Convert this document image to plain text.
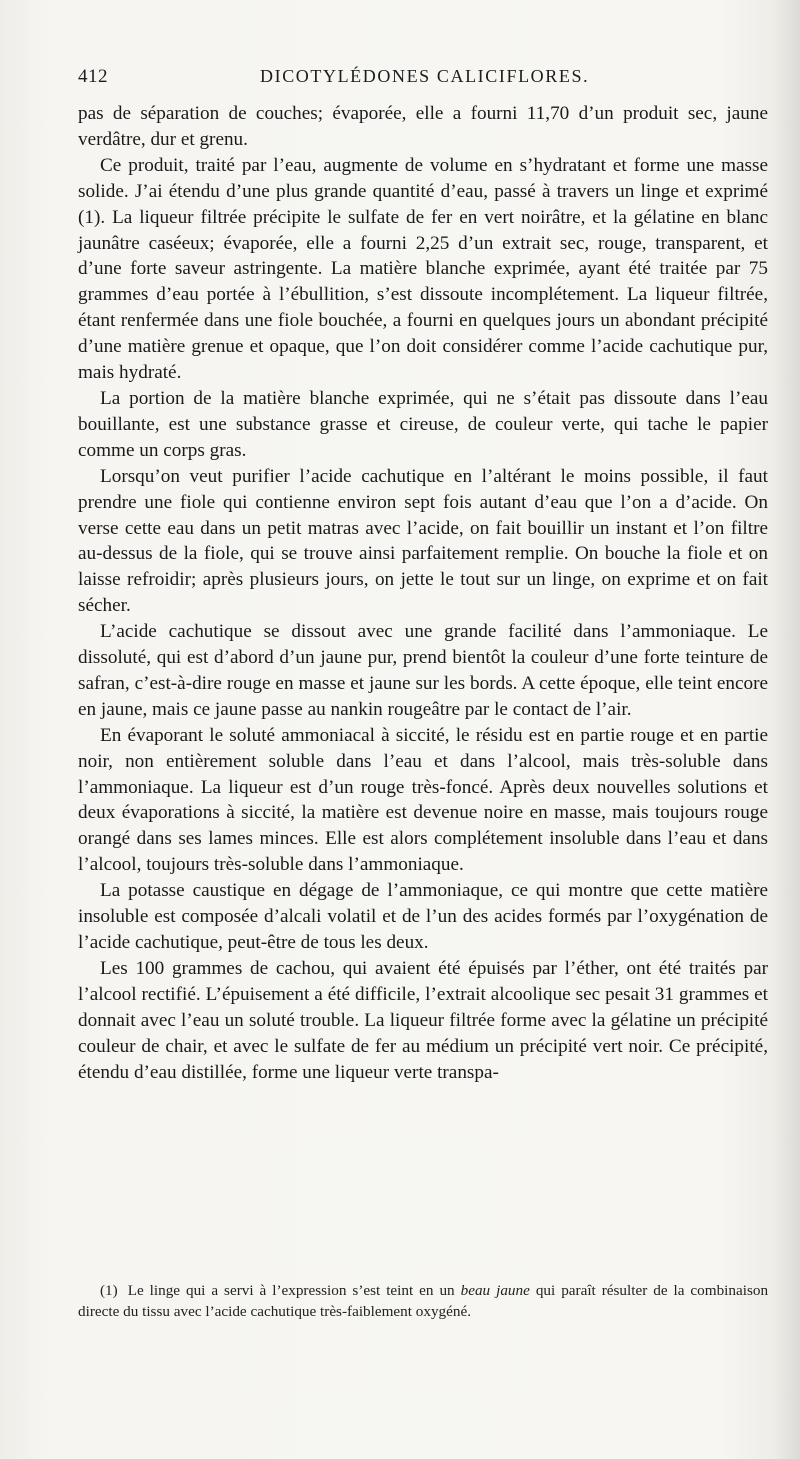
412	DICOTYLÉDONES CALICIFLORES.

pas de séparation de couches; évaporée, elle a fourni 11,70 d’un produit sec, jaune verdâtre, dur et grenu.

Ce produit, traité par l’eau, augmente de volume en s’hydratant et forme une masse solide. J’ai étendu d’une plus grande quantité d’eau, passé à travers un linge et exprimé (1). La liqueur filtrée précipite le sulfate de fer en vert noirâtre, et la gélatine en blanc jaunâtre caséeux; évaporée, elle a fourni 2,25 d’un extrait sec, rouge, transparent, et d’une forte saveur astringente. La matière blanche exprimée, ayant été traitée par 75 grammes d’eau portée à l’ébullition, s’est dissoute incomplétement. La liqueur filtrée, étant renfermée dans une fiole bouchée, a fourni en quelques jours un abondant précipité d’une matière grenue et opaque, que l’on doit considérer comme l’acide cachutique pur, mais hydraté.

La portion de la matière blanche exprimée, qui ne s’était pas dissoute dans l’eau bouillante, est une substance grasse et cireuse, de couleur verte, qui tache le papier comme un corps gras.

Lorsqu’on veut purifier l’acide cachutique en l’altérant le moins possible, il faut prendre une fiole qui contienne environ sept fois autant d’eau que l’on a d’acide. On verse cette eau dans un petit matras avec l’acide, on fait bouillir un instant et l’on filtre au-dessus de la fiole, qui se trouve ainsi parfaitement remplie. On bouche la fiole et on laisse refroidir; après plusieurs jours, on jette le tout sur un linge, on exprime et on fait sécher.

L’acide cachutique se dissout avec une grande facilité dans l’ammoniaque. Le dissoluté, qui est d’abord d’un jaune pur, prend bientôt la couleur d’une forte teinture de safran, c’est-à-dire rouge en masse et jaune sur les bords. A cette époque, elle teint encore en jaune, mais ce jaune passe au nankin rougeâtre par le contact de l’air.

En évaporant le soluté ammoniacal à siccité, le résidu est en partie rouge et en partie noir, non entièrement soluble dans l’eau et dans l’alcool, mais très-soluble dans l’ammoniaque. La liqueur est d’un rouge très-foncé. Après deux nouvelles solutions et deux évaporations à siccité, la matière est devenue noire en masse, mais toujours rouge orangé dans ses lames minces. Elle est alors complétement insoluble dans l’eau et dans l’alcool, toujours très-soluble dans l’ammoniaque.

La potasse caustique en dégage de l’ammoniaque, ce qui montre que cette matière insoluble est composée d’alcali volatil et de l’un des acides formés par l’oxygénation de l’acide cachutique, peut-être de tous les deux.

Les 100 grammes de cachou, qui avaient été épuisés par l’éther, ont été traités par l’alcool rectifié. L’épuisement a été difficile, l’extrait alcoolique sec pesait 31 grammes et donnait avec l’eau un soluté trouble. La liqueur filtrée forme avec la gélatine un précipité couleur de chair, et avec le sulfate de fer au médium un précipité vert noir. Ce précipité, étendu d’eau distillée, forme une liqueur verte transpa-

(1) Le linge qui a servi à l’expression s’est teint en un beau jaune qui paraît résulter de la combinaison directe du tissu avec l’acide cachutique très-faiblement oxygéné.
